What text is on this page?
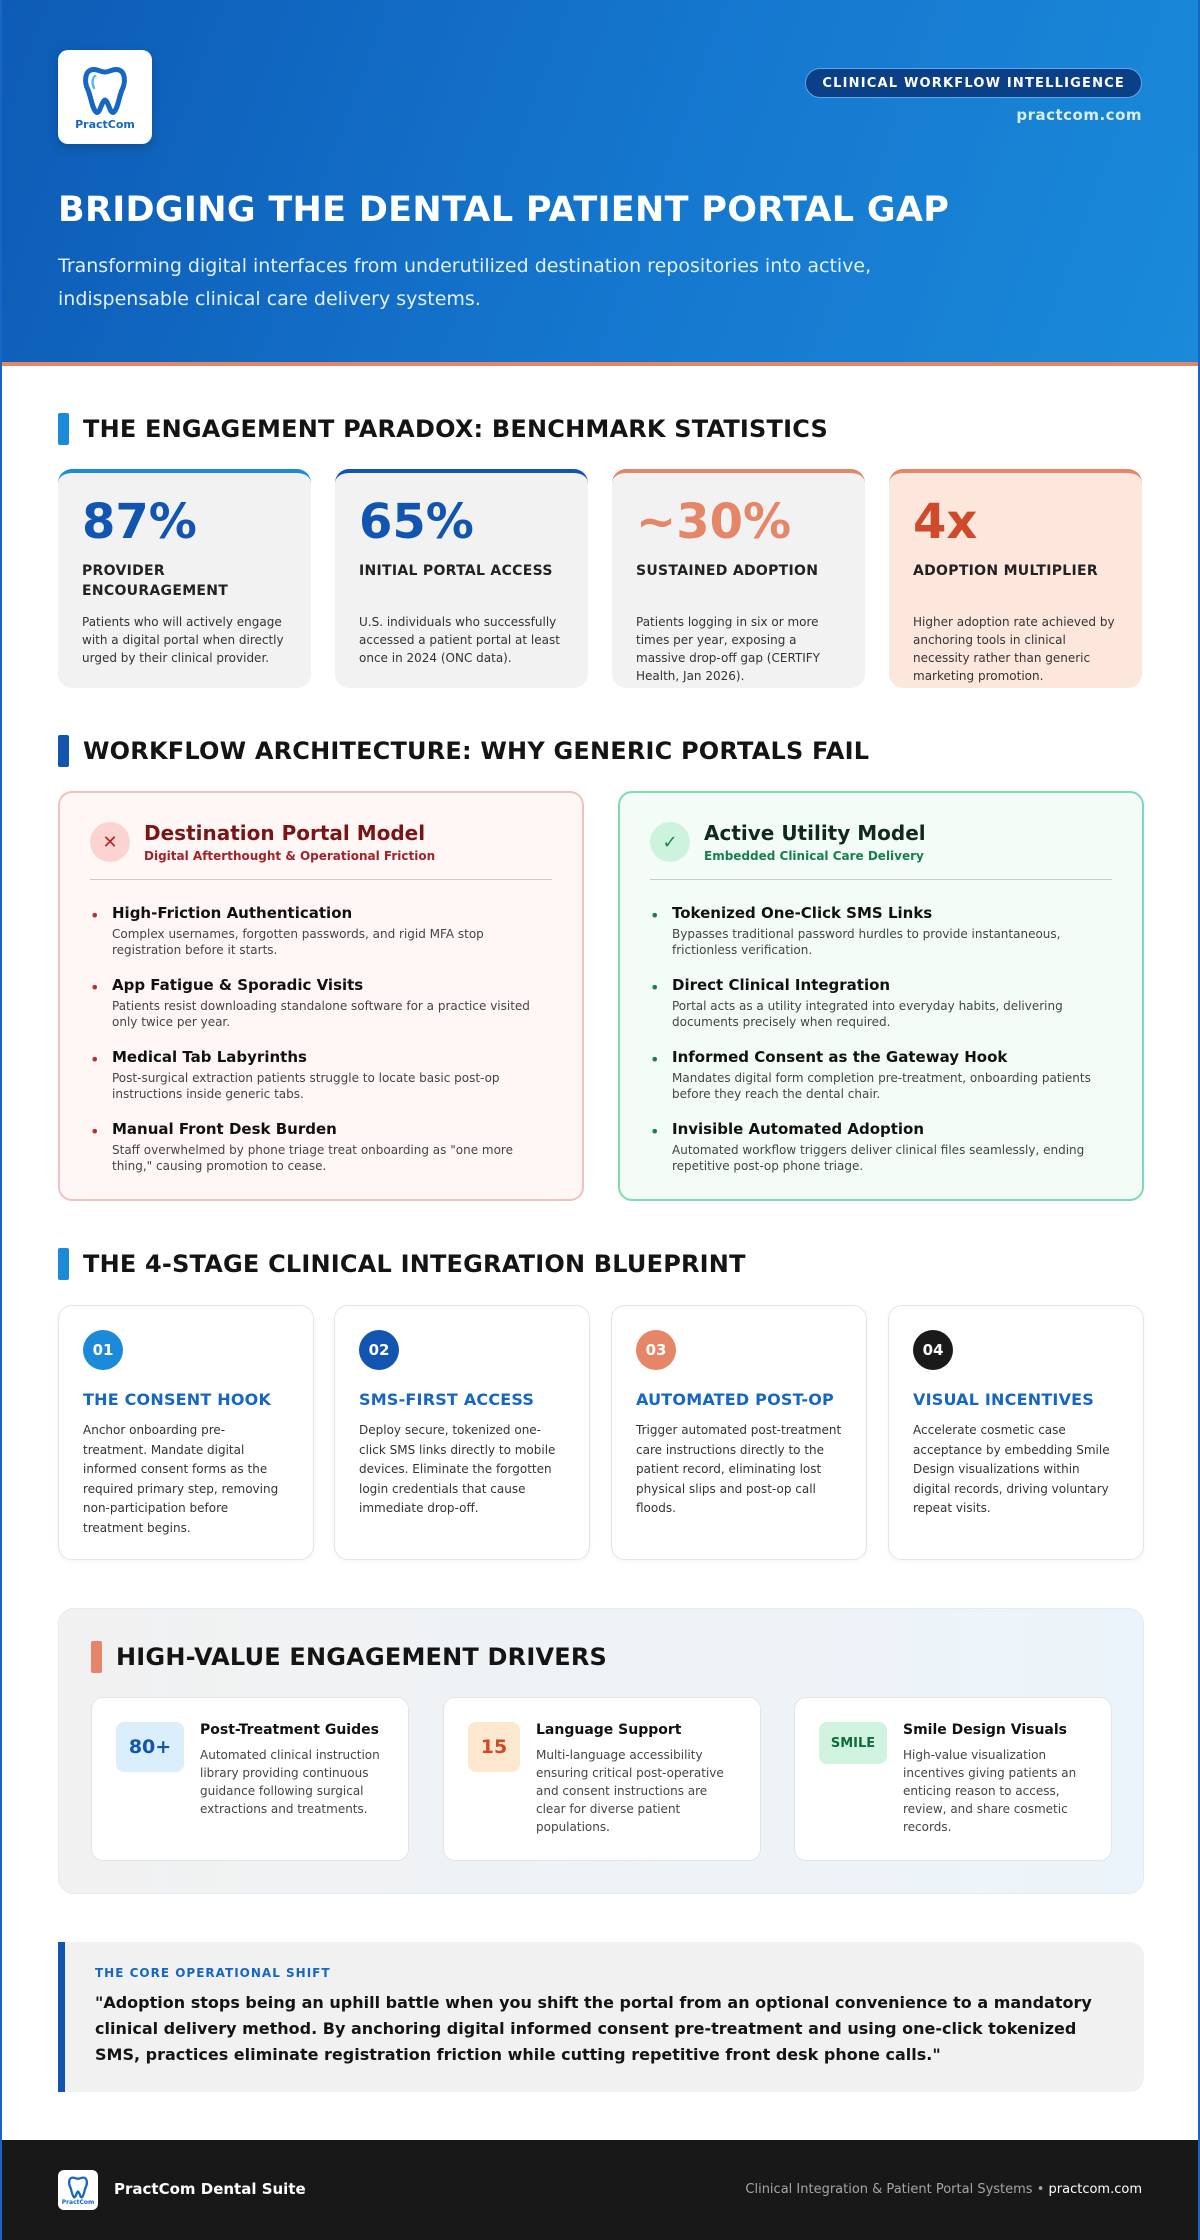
PractCom
CLINICAL WORKFLOW INTELLIGENCE
practcom.com
BRIDGING THE DENTAL PATIENT PORTAL GAP
Transforming digital interfaces from underutilized destination repositories into active, indispensable clinical care delivery systems.
THE ENGAGEMENT PARADOX: BENCHMARK STATISTICS
87%
PROVIDER ENCOURAGEMENT
Patients who will actively engage with a digital portal when directly urged by their clinical provider.
65%
INITIAL PORTAL ACCESS
U.S. individuals who successfully accessed a patient portal at least once in 2024 (ONC data).
~30%
SUSTAINED ADOPTION
Patients logging in six or more times per year, exposing a massive drop-off gap (CERTIFY Health, Jan 2026).
4x
ADOPTION MULTIPLIER
Higher adoption rate achieved by anchoring tools in clinical necessity rather than generic marketing promotion.
WORKFLOW ARCHITECTURE: WHY GENERIC PORTALS FAIL
✕	Destination Portal Model
Digital Afterthought & Operational Friction
• High-Friction Authentication
Complex usernames, forgotten passwords, and rigid MFA stop registration before it starts.
• App Fatigue & Sporadic Visits
Patients resist downloading standalone software for a practice visited only twice per year.
• Medical Tab Labyrinths
Post-surgical extraction patients struggle to locate basic post-op instructions inside generic tabs.
• Manual Front Desk Burden
Staff overwhelmed by phone triage treat onboarding as "one more thing," causing promotion to cease.
✓	Active Utility Model
Embedded Clinical Care Delivery
• Tokenized One-Click SMS Links
Bypasses traditional password hurdles to provide instantaneous, frictionless verification.
• Direct Clinical Integration
Portal acts as a utility integrated into everyday habits, delivering documents precisely when required.
• Informed Consent as the Gateway Hook
Mandates digital form completion pre-treatment, onboarding patients before they reach the dental chair.
• Invisible Automated Adoption
Automated workflow triggers deliver clinical files seamlessly, ending repetitive post-op phone triage.
THE 4-STAGE CLINICAL INTEGRATION BLUEPRINT
01
THE CONSENT HOOK
Anchor onboarding pre-treatment. Mandate digital informed consent forms as the required primary step, removing non-participation before treatment begins.
02
SMS-FIRST ACCESS
Deploy secure, tokenized one-click SMS links directly to mobile devices. Eliminate the forgotten login credentials that cause immediate drop-off.
03
AUTOMATED POST-OP
Trigger automated post-treatment care instructions directly to the patient record, eliminating lost physical slips and post-op call floods.
04
VISUAL INCENTIVES
Accelerate cosmetic case acceptance by embedding Smile Design visualizations within digital records, driving voluntary repeat visits.
HIGH-VALUE ENGAGEMENT DRIVERS
80+
Post-Treatment Guides
Automated clinical instruction library providing continuous guidance following surgical extractions and treatments.
15
Language Support
Multi-language accessibility ensuring critical post-operative and consent instructions are clear for diverse patient populations.
SMILE
Smile Design Visuals
High-value visualization incentives giving patients an enticing reason to access, review, and share cosmetic records.
THE CORE OPERATIONAL SHIFT
"Adoption stops being an uphill battle when you shift the portal from an optional convenience to a mandatory clinical delivery method. By anchoring digital informed consent pre-treatment and using one-click tokenized SMS, practices eliminate registration friction while cutting repetitive front desk phone calls."
PractCom
PractCom Dental Suite	Clinical Integration & Patient Portal Systems • practcom.com
